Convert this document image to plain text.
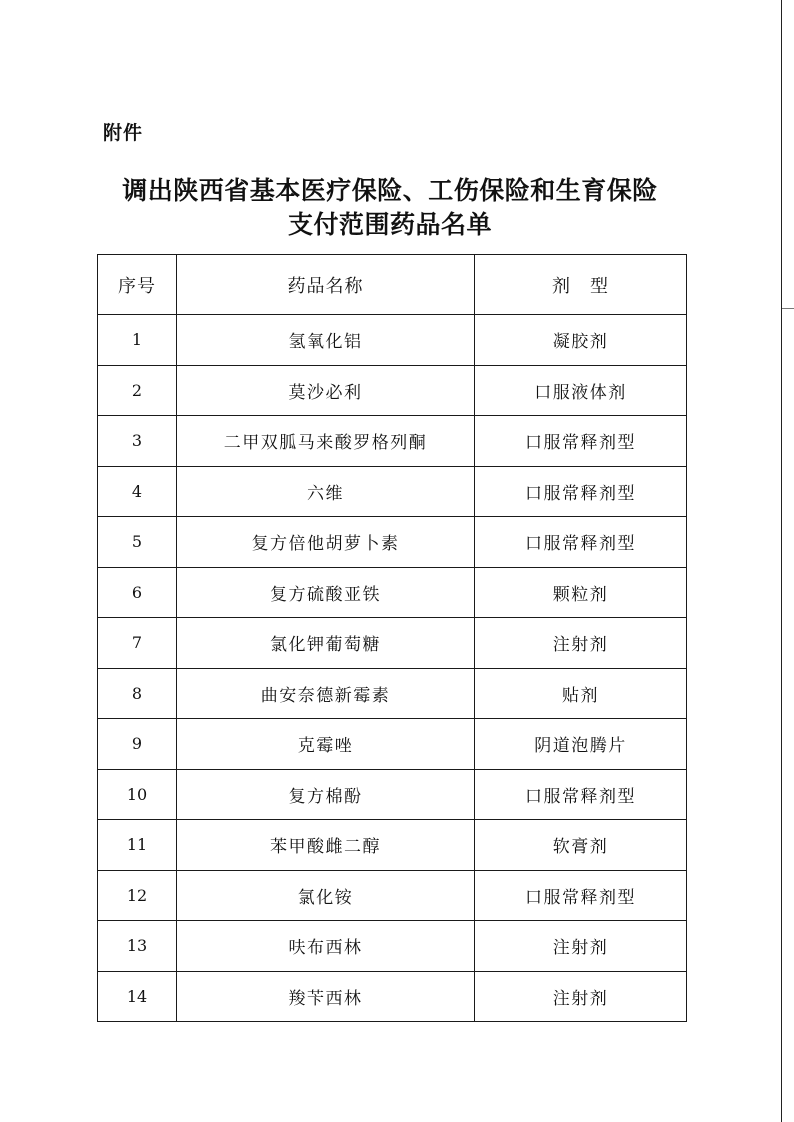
附件
调出陕西省基本医疗保险、工伤保险和生育保险
支付范围药品名单
序号	药品名称	剂　型
1	氢氧化铝	凝胶剂
2	莫沙必利	口服液体剂
3	二甲双胍马来酸罗格列酮	口服常释剂型
4	六维	口服常释剂型
5	复方倍他胡萝卜素	口服常释剂型
6	复方硫酸亚铁	颗粒剂
7	氯化钾葡萄糖	注射剂
8	曲安奈德新霉素	贴剂
9	克霉唑	阴道泡腾片
10	复方棉酚	口服常释剂型
11	苯甲酸雌二醇	软膏剂
12	氯化铵	口服常释剂型
13	呋布西林	注射剂
14	羧苄西林	注射剂
